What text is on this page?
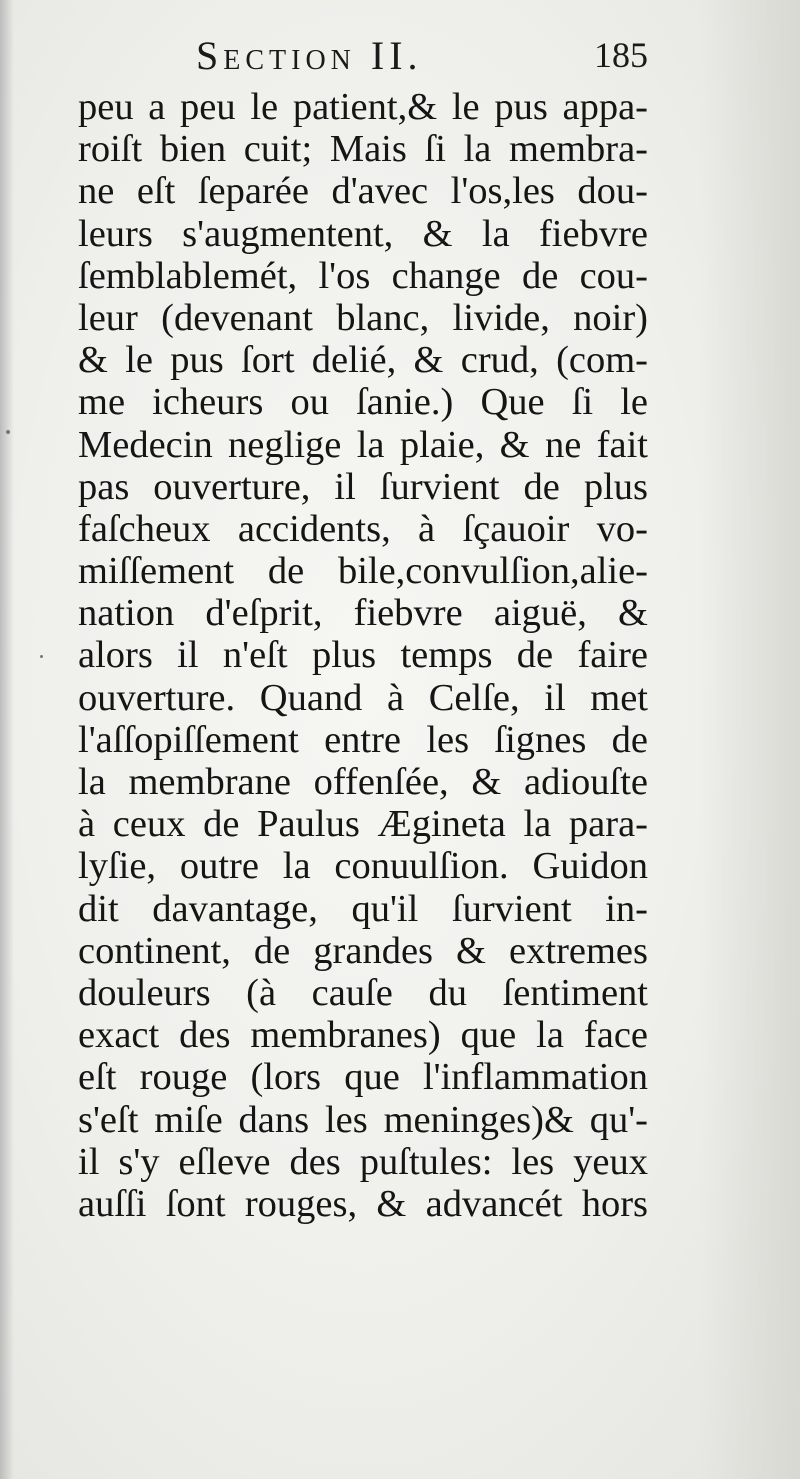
Section II.	185
peu a peu le patient,& le pus appa-
roiſt bien cuit; Mais ſi la membra-
ne eſt ſeparée d'avec l'os,les dou-
leurs s'augmentent, & la fiebvre
ſemblablemét, l'os change de cou-
leur (devenant blanc, livide, noir)
& le pus ſort delié, & crud, (com-
me icheurs ou ſanie.) Que ſi le
Medecin neglige la plaie, & ne fait
pas ouverture, il ſurvient de plus
faſcheux accidents, à ſçauoir vo-
miſſement de bile,convulſion,alie-
nation d'eſprit, fiebvre aiguë, &
alors il n'eſt plus temps de faire
ouverture. Quand à Celſe, il met
l'aſſopiſſement entre les ſignes de
la membrane offenſée, & adiouſte
à ceux de Paulus Ægineta la para-
lyſie, outre la conuulſion. Guidon
dit davantage, qu'il ſurvient in-
continent, de grandes & extremes
douleurs (à cauſe du ſentiment
exact des membranes) que la face
eſt rouge (lors que l'inflammation
s'eſt miſe dans les meninges)& qu'-
il s'y eſleve des puſtules: les yeux
auſſi ſont rouges, & advancét hors
